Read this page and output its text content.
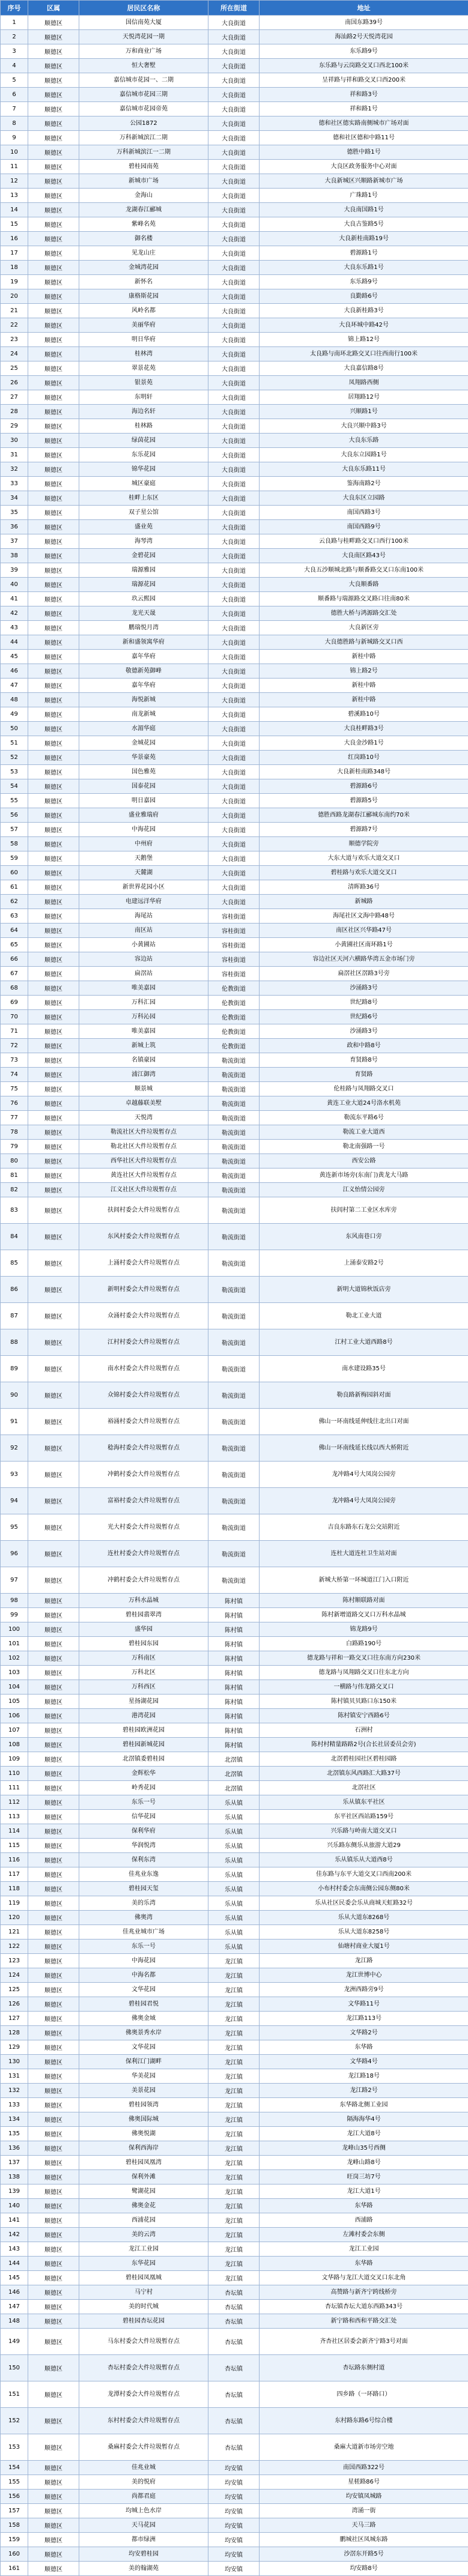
序号	区属	居民区名称	所在街道	地址
1	顺德区	国信南苑大厦	大良街道	南国东路39号
2	顺德区	天悦湾花园一期	大良街道	海汕路2号天悦湾花园
3	顺德区	万和商业广场	大良街道	东乐路9号
4	顺德区	恒大奢墅	大良街道	东乐路与云岗路交叉口西北100米
5	顺德区	嘉信城市花园一、二期	大良街道	呈祥路与祥和路交叉口西200米
6	顺德区	嘉信城市花园三期	大良街道	祥和路3号
7	顺德区	嘉信城市花园帝苑	大良街道	祥和路1号
8	顺德区	公园1872	大良街道	德和社区德实路南侧城市广场对面
9	顺德区	万科新城滨江二期	大良街道	德和社区德和中路11号
10	顺德区	万科新城滨江一二期	大良街道	德胜中路1号
11	顺德区	碧桂园南苑	大良街道	大良区政务服务中心对面
12	顺德区	新城市广场	大良街道	大良新城区兴顺路新城市广场
13	顺德区	金海山	大良街道	广珠路1号
14	顺德区	龙湖春江郦城	大良街道	大良南国路1号
15	顺德区	紫峰名苑	大良街道	大良古鉴路5号
16	顺德区	御名楼	大良街道	大良新桂南路19号
17	顺德区	见龙山庄	大良街道	碧源路1号
18	顺德区	金城湾花园	大良街道	大良东乐路1号
19	顺德区	新怀名	大良街道	东乐路9号
20	顺德区	康格斯花园	大良街道	良勤路6号
21	顺德区	风岭名都	大良街道	大良新桂路3号
22	顺德区	美丽华府	大良街道	大良环城中路42号
23	顺德区	明日华府	大良街道	锦上路12号
24	顺德区	桂林湾	大良街道	太良路与南环北路交叉口往西南行100米
25	顺德区	翠景花苑	大良街道	大良嘉信路8号
26	顺德区	银景苑	大良街道	凤翔路西侧
27	顺德区	东明轩	大良街道	居翔路12号
28	顺德区	海边名轩	大良街道	兴顺路1号
29	顺德区	桂林路	大良街道	大良兴顺中路3号
30	顺德区	绿茵花园	大良街道	大良东乐路
31	顺德区	东乐花园	大良街道	大良东立园路1号
32	顺德区	锦华花园	大良街道	大良东乐路11号
33	顺德区	城区豪庭	大良街道	鉴海南路2号
34	顺德区	桂畔上东区	大良街道	大良东区立园路
35	顺德区	双子星公馆	大良街道	南国西路3号
36	顺德区	盛业苑	大良街道	南国西路9号
37	顺德区	海琴湾	大良街道	云良路与桂畔路交叉口西行100米
38	顺德区	金碧花园	大良街道	大良南区路43号
39	顺德区	瑞源雅园	大良街道	大良五沙顺城北路与顺番路交叉口东南100米
40	顺德区	瑞源花园	大良街道	大良顺番路
41	顺德区	玖云熙园	大良街道	顺番路与瑞源路交叉路口往南80米
42	顺德区	龙光天晟	大良街道	德胜大桥与鸿源路交汇处
43	顺德区	鹏瑞悦月湾	大良街道	大良新区旁
44	顺德区	新和盛领寓华府	大良街道	大良德胜路与新城路交叉口西
45	顺德区	嘉年华府	大良街道	新桂中路
46	顺德区	敬德新苑御峰	大良街道	锦上路2号
47	顺德区	嘉年华府	大良街道	新桂中路
48	顺德区	海悦新城	大良街道	新桂中路
49	顺德区	南龙新城	大良街道	碧溪路10号
50	顺德区	水湄华庭	大良街道	大良桂畔路3号
51	顺德区	金城花园	大良街道	大良金沙路1号
52	顺德区	华景豪苑	大良街道	红岗路10号
53	顺德区	国色雅苑	大良街道	大良新桂南路348号
54	顺德区	国泰花园	大良街道	碧源路6号
55	顺德区	明日嘉园	大良街道	碧源路5号
56	顺德区	盛业雅瑞府	大良街道	德胜西路龙湖春江郦城东南约70米
57	顺德区	中海花园	大良街道	碧源路7号
58	顺德区	中州府	大良街道	顺德学院旁
59	顺德区	天鹅堡	大良街道	大东大道与欢乐大道交叉口
60	顺德区	天麓湖	大良街道	碧桂路与欢乐大道交叉口
61	顺德区	新世界花园小区	大良街道	清晖路36号
62	顺德区	电建远洋华府	大良街道	新城路
63	顺德区	海尾站	容桂街道	海尾社区文海中路48号
64	顺德区	南区站	容桂街道	南区社区兴华路47号
65	顺德区	小黄圃站	容桂街道	小黄圃社区南环路1号
66	顺德区	容边站	容桂街道	容边社区天河六横路华湾五金市场门旁
67	顺德区	扁滘站	容桂街道	扁滘社区滘路3号旁
68	顺德区	唯美嘉园	伦教街道	沙涌路3号
69	顺德区	万科汇园	伦教街道	世纪路8号
70	顺德区	万科沁园	伦教街道	世纪路6号
71	顺德区	唯美嘉园	伦教街道	沙涌路3号
72	顺德区	新城上筑	伦教街道	政和中路8号
73	顺德区	名镇豪园	勒流街道	育贤路8号
74	顺德区	浦江御湾	勒流街道	育贤路
75	顺德区	顺景城	勒流街道	伦桂路与凤翔路交叉口
76	顺德区	卓越藤联美墅	勒流街道	黄连工业大道24号洛水机苑
77	顺德区	天悦湾	勒流街道	勒流东平路6号
78	顺德区	勒流社区大件垃圾暂存点	勒流街道	勒流工业大道西
79	顺德区	勒北社区大件垃圾暂存点	勒流街道	勒北南强路一号
80	顺德区	西华社区大件垃圾暂存点	勒流街道	西安公路
81	顺德区	黄连社区大件垃圾暂存点	勒流街道	黄连新市场旁(东南门)黄龙大马路
82	顺德区	江义社区大件垃圾暂存点	勒流街道	江义怡情公园旁
83	顺德区	扶闾村委会大件垃圾暂存点	勒流街道	扶闾村第二工业区水库旁
84	顺德区	东风村委会大件垃圾暂存点	勒流街道	东风南巷口旁
85	顺德区	上涌村委会大件垃圾暂存点	勒流街道	上涌泰安路2号
86	顺德区	新明村委会大件垃圾暂存点	勒流街道	新明大道锦秋饭店旁
87	顺德区	众涌村委会大件垃圾暂存点	勒流街道	勒北工业大道
88	顺德区	江村村委会大件垃圾暂存点	勒流街道	江村工业大道西路8号
89	顺德区	南水村委会大件垃圾暂存点	勒流街道	南水建设路35号
90	顺德区	众锦村委会大件垃圾暂存点	勒流街道	勒良路新梅园斜对面
91	顺德区	裕涌村委会大件垃圾暂存点	勒流街道	佛山一环南线延伸线往北出口对面
92	顺德区	稔海村委会大件垃圾暂存点	勒流街道	佛山一环南线延长线以西大桥附近
93	顺德区	冲鹤村委会大件垃圾暂存点	勒流街道	龙冲路4号大凤岗公园旁
94	顺德区	富裕村委会大件垃圾暂存点	勒流街道	龙冲路4号大凤岗公园旁
95	顺德区	光大村委会大件垃圾暂存点	勒流街道	吉良东路东石龙公交站附近
96	顺德区	连杜村委会大件垃圾暂存点	勒流街道	连杜大道连杜卫生站对面
97	顺德区	冲鹤村委会大件垃圾暂存点	勒流街道	新城大桥第一环城道江门入口附近
98	顺德区	万科水晶城	陈村镇	陈村顺联路对面
99	顺德区	碧桂园翡翠湾	陈村镇	陈村新增道路交叉口万科水晶城
100	顺德区	盛华园	陈村镇	锦龙路9号
101	顺德区	碧桂园东园	陈村镇	白路路190号
102	顺德区	万科南区	陈村镇	德龙路与祥和一路交叉口往东南方向230米
103	顺德区	万科北区	陈村镇	德龙路与凤翔路交叉口往东北方向
104	顺德区	万科西区	陈村镇	一横路与伟龙路交叉口
105	顺德区	星扬湖花园	陈村镇	陈村镇贝贝路口东150米
106	顺德区	港湾花园	陈村镇	陈村镇安宁西路6号
107	顺德区	碧桂园欧洲花园	陈村镇	石洲村
108	顺德区	碧桂园新城花园	陈村镇	陈村村精量路路2号(合长社居委员会旁)
109	顺德区	北滘镇委碧桂园	北滘镇	北滘碧桂园社区碧桂园路
110	顺德区	金辉松华	北滘镇	北滘镇东风西路汇大路37号
111	顺德区	岭秀花园	北滘镇	北滘社区
112	顺德区	东乐一号	乐从镇	乐从镇东平社区
113	顺德区	信华花园	乐从镇	东平社区西站路159号
114	顺德区	保利华府	乐从镇	兴乐路与岭南大道交叉口
115	顺德区	华润悦湾	乐从镇	兴乐路东侧乐从旅游大道29
116	顺德区	保利东湾	乐从镇	乐从镇乐从大道西8号
117	顺德区	佳兆业东逸	乐从镇	佳东路与东平大道交叉口西南200米
118	顺德区	碧桂园天玺	乐从镇	小布村村委会东南侧公园东侧80米
119	顺德区	美的乐湾	乐从镇	乐从社区民委会乐从商城天虹路32号
120	顺德区	佛奥湾	乐从镇	乐从大道东8268号
121	顺德区	佳兆业城市广场	乐从镇	乐从大道东8258号
122	顺德区	东乐一号	乐从镇	仙塘村商业大厦1号
123	顺德区	中海花园	龙江镇	龙江路
124	顺德区	中海名都	龙江镇	龙江世博中心
125	顺德区	文华花园	龙江镇	龙洲西路旁9号
126	顺德区	碧桂园君悦	龙江镇	文华路11号
127	顺德区	佛奥金域	龙江镇	龙江路113号
128	顺德区	佛奥景秀水岸	龙江镇	文华路2号
129	顺德区	文华花园	龙江镇	东华路
130	顺德区	保利江门湖畔	龙江镇	文华路4号
131	顺德区	华美花园	龙江镇	龙江路18号
132	顺德区	美景花园	龙江镇	龙江路2号
133	顺德区	碧桂园领湾	龙江镇	东华路北侧工业园
134	顺德区	佛奥国际城	龙江镇	隔海海华4号
135	顺德区	佛奥悦湖	龙江镇	龙江大道8号
136	顺德区	保利西海岸	龙江镇	龙峰山35号西侧
137	顺德区	碧桂园凤凰湾	龙江镇	龙峰山路8号
138	顺德区	保利外滩	龙江镇	旺岗三坊7号
139	顺德区	鹭湖花园	龙江镇	龙江大道1号
140	顺德区	佛奥金花	龙江镇	东华路
141	顺德区	西浦花园	龙江镇	西浦路
142	顺德区	美的云湾	龙江镇	左滩村委会东侧
143	顺德区	龙江工业园	龙江镇	龙江工业园
144	顺德区	东华花园	龙江镇	东华路
145	顺德区	碧桂园凤凰城	龙江镇	文华路与龙江大道交叉口东北角
146	顺德区	马宁村	杏坛镇	高赞路与新齐宁跨线桥旁
147	顺德区	美的时代城	杏坛镇	杏坛镇杏坛大道东西路343号
148	顺德区	碧桂园杏坛花园	杏坛镇	新宁路和西和平路交汇处
149	顺德区	马东村委会大件垃圾暂存点	杏坛镇	齐杏社区居委会新齐宁路3号对面
150	顺德区	杏坛村委会大件垃圾暂存点	杏坛镇	杏坛路东侧村道
151	顺德区	龙潭村委会大件垃圾暂存点	杏坛镇	四乡路（一环路口）
152	顺德区	东村村委会大件垃圾暂存点	杏坛镇	东村路东路6号综合楼
153	顺德区	桑麻村委会大件垃圾暂存点	杏坛镇	桑麻大道新市场旁空地
154	顺德区	佳兆业城	均安镇	南国西路322号
155	顺德区	美的悦府	均安镇	星槎路86号
156	顺德区	尚都君庭	均安镇	均安镇凤城路
157	顺德区	均城上色水岸	均安镇	湾涌一街
158	顺德区	天马花园	均安镇	天马三路
159	顺德区	都市绿洲	均安镇	鹏城社区凤城东路
160	顺德区	均安碧桂园	均安镇	沙滘东开路5号
161	顺德区	美的翰湖苑	均安镇	均安路8号
